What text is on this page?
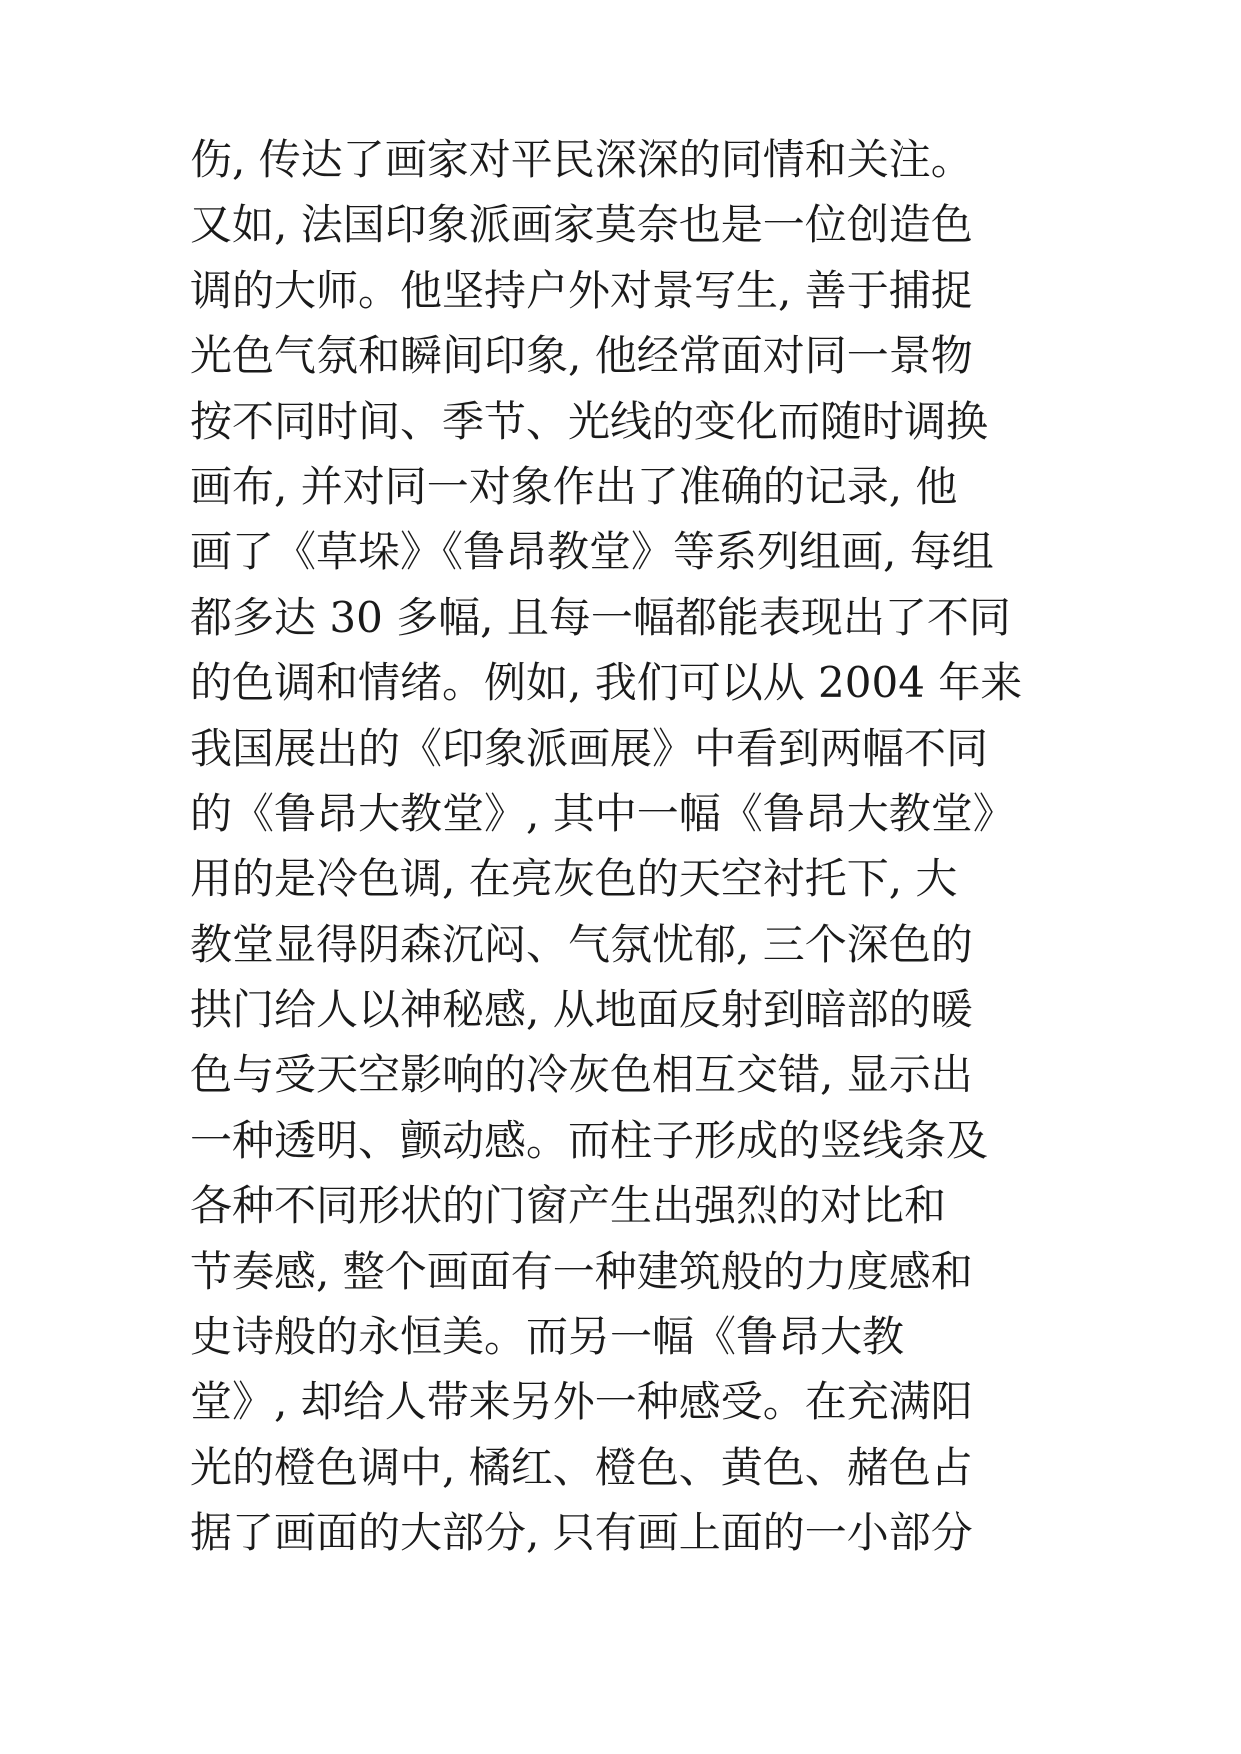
伤, 传达了画家对平民深深的同情和关注。
又如, 法国印象派画家莫奈也是一位创造色
调的大师。他坚持户外对景写生, 善于捕捉
光色气氛和瞬间印象, 他经常面对同一景物
按不同时间、季节、光线的变化而随时调换
画布, 并对同一对象作出了准确的记录, 他
画了《草垛》《鲁昂教堂》等系列组画, 每组
都多达 30 多幅, 且每一幅都能表现出了不同
的色调和情绪。例如, 我们可以从 2004 年来
我国展出的《印象派画展》中看到两幅不同
的《鲁昂大教堂》, 其中一幅《鲁昂大教堂》
用的是冷色调, 在亮灰色的天空衬托下, 大
教堂显得阴森沉闷、气氛忧郁, 三个深色的
拱门给人以神秘感, 从地面反射到暗部的暖
色与受天空影响的冷灰色相互交错, 显示出
一种透明、颤动感。而柱子形成的竖线条及
各种不同形状的门窗产生出强烈的对比和
节奏感, 整个画面有一种建筑般的力度感和
史诗般的永恒美。而另一幅《鲁昂大教
堂》, 却给人带来另外一种感受。在充满阳
光的橙色调中, 橘红、橙色、黄色、赭色占
据了画面的大部分, 只有画上面的一小部分
